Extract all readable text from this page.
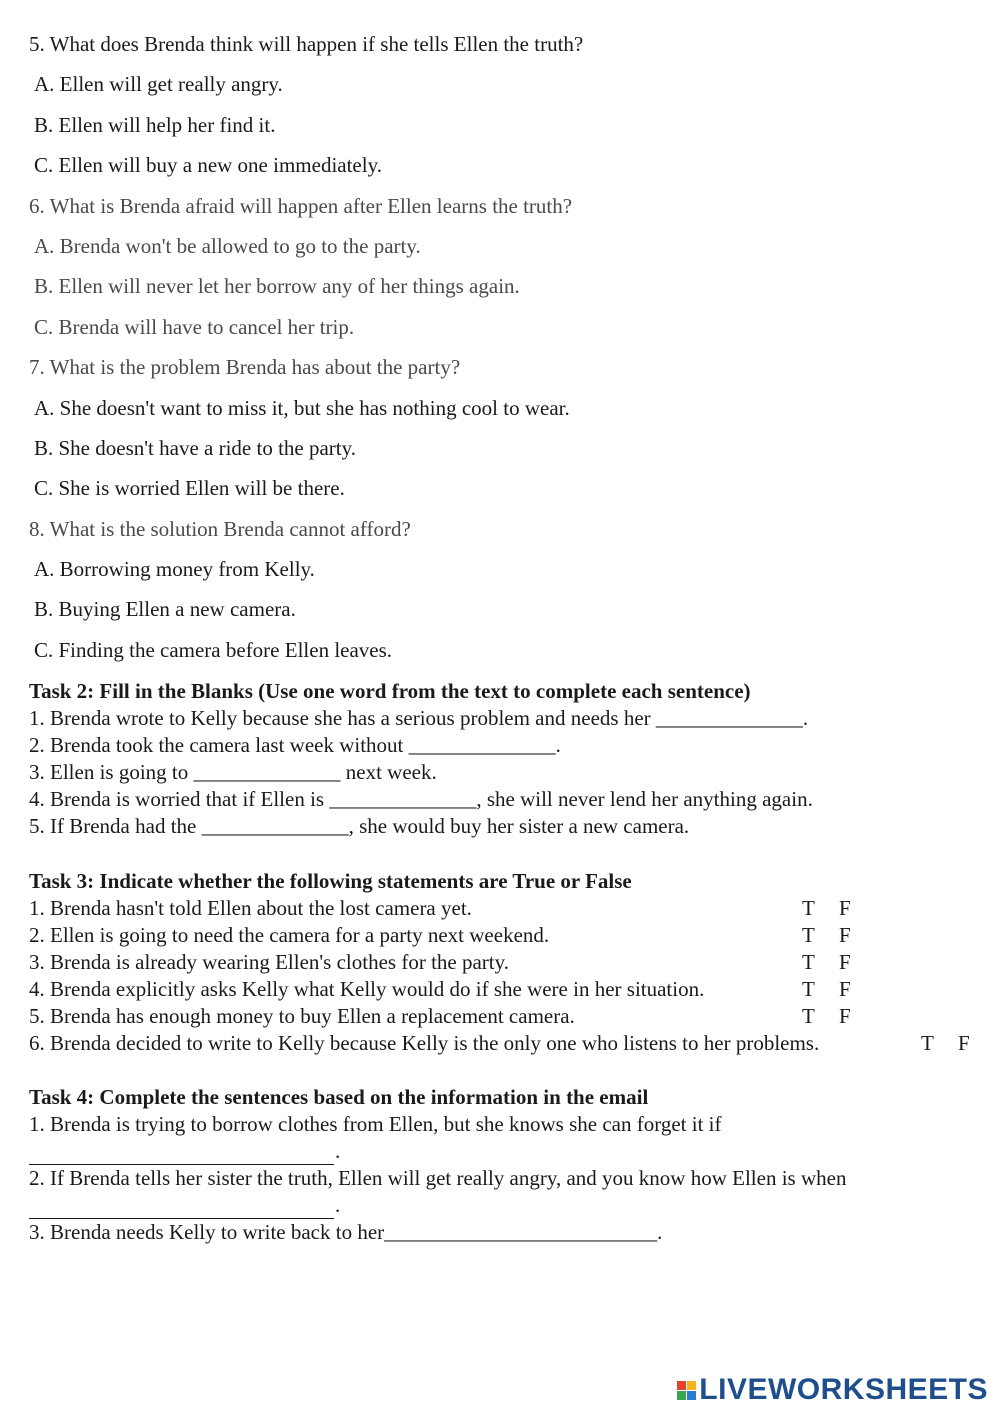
5. What does Brenda think will happen if she tells Ellen the truth?
A. Ellen will get really angry.
B. Ellen will help her find it.
C. Ellen will buy a new one immediately.
6. What is Brenda afraid will happen after Ellen learns the truth?
A. Brenda won't be allowed to go to the party.
B. Ellen will never let her borrow any of her things again.
C. Brenda will have to cancel her trip.
7. What is the problem Brenda has about the party?
A. She doesn't want to miss it, but she has nothing cool to wear.
B. She doesn't have a ride to the party.
C. She is worried Ellen will be there.
8. What is the solution Brenda cannot afford?
A. Borrowing money from Kelly.
B. Buying Ellen a new camera.
C. Finding the camera before Ellen leaves.
Task 2: Fill in the Blanks (Use one word from the text to complete each sentence)
1. Brenda wrote to Kelly because she has a serious problem and needs her ______________.
2. Brenda took the camera last week without ______________.
3. Ellen is going to ______________ next week.
4. Brenda is worried that if Ellen is ______________, she will never lend her anything again.
5. If Brenda had the ______________, she would buy her sister a new camera.
Task 3: Indicate whether the following statements are True or False
1. Brenda hasn't told Ellen about the lost camera yet.	T F
2. Ellen is going to need the camera for a party next weekend.	T F
3. Brenda is already wearing Ellen's clothes for the party.	T F
4. Brenda explicitly asks Kelly what Kelly would do if she were in her situation.	T F
5. Brenda has enough money to buy Ellen a replacement camera.	T F
6. Brenda decided to write to Kelly because Kelly is the only one who listens to her problems.	T F
Task 4: Complete the sentences based on the information in the email
1. Brenda is trying to borrow clothes from Ellen, but she knows she can forget it if
.
2. If Brenda tells her sister the truth, Ellen will get really angry, and you know how Ellen is when
.
3. Brenda needs Kelly to write back to her__________________________.
LIVEWORKSHEETS
